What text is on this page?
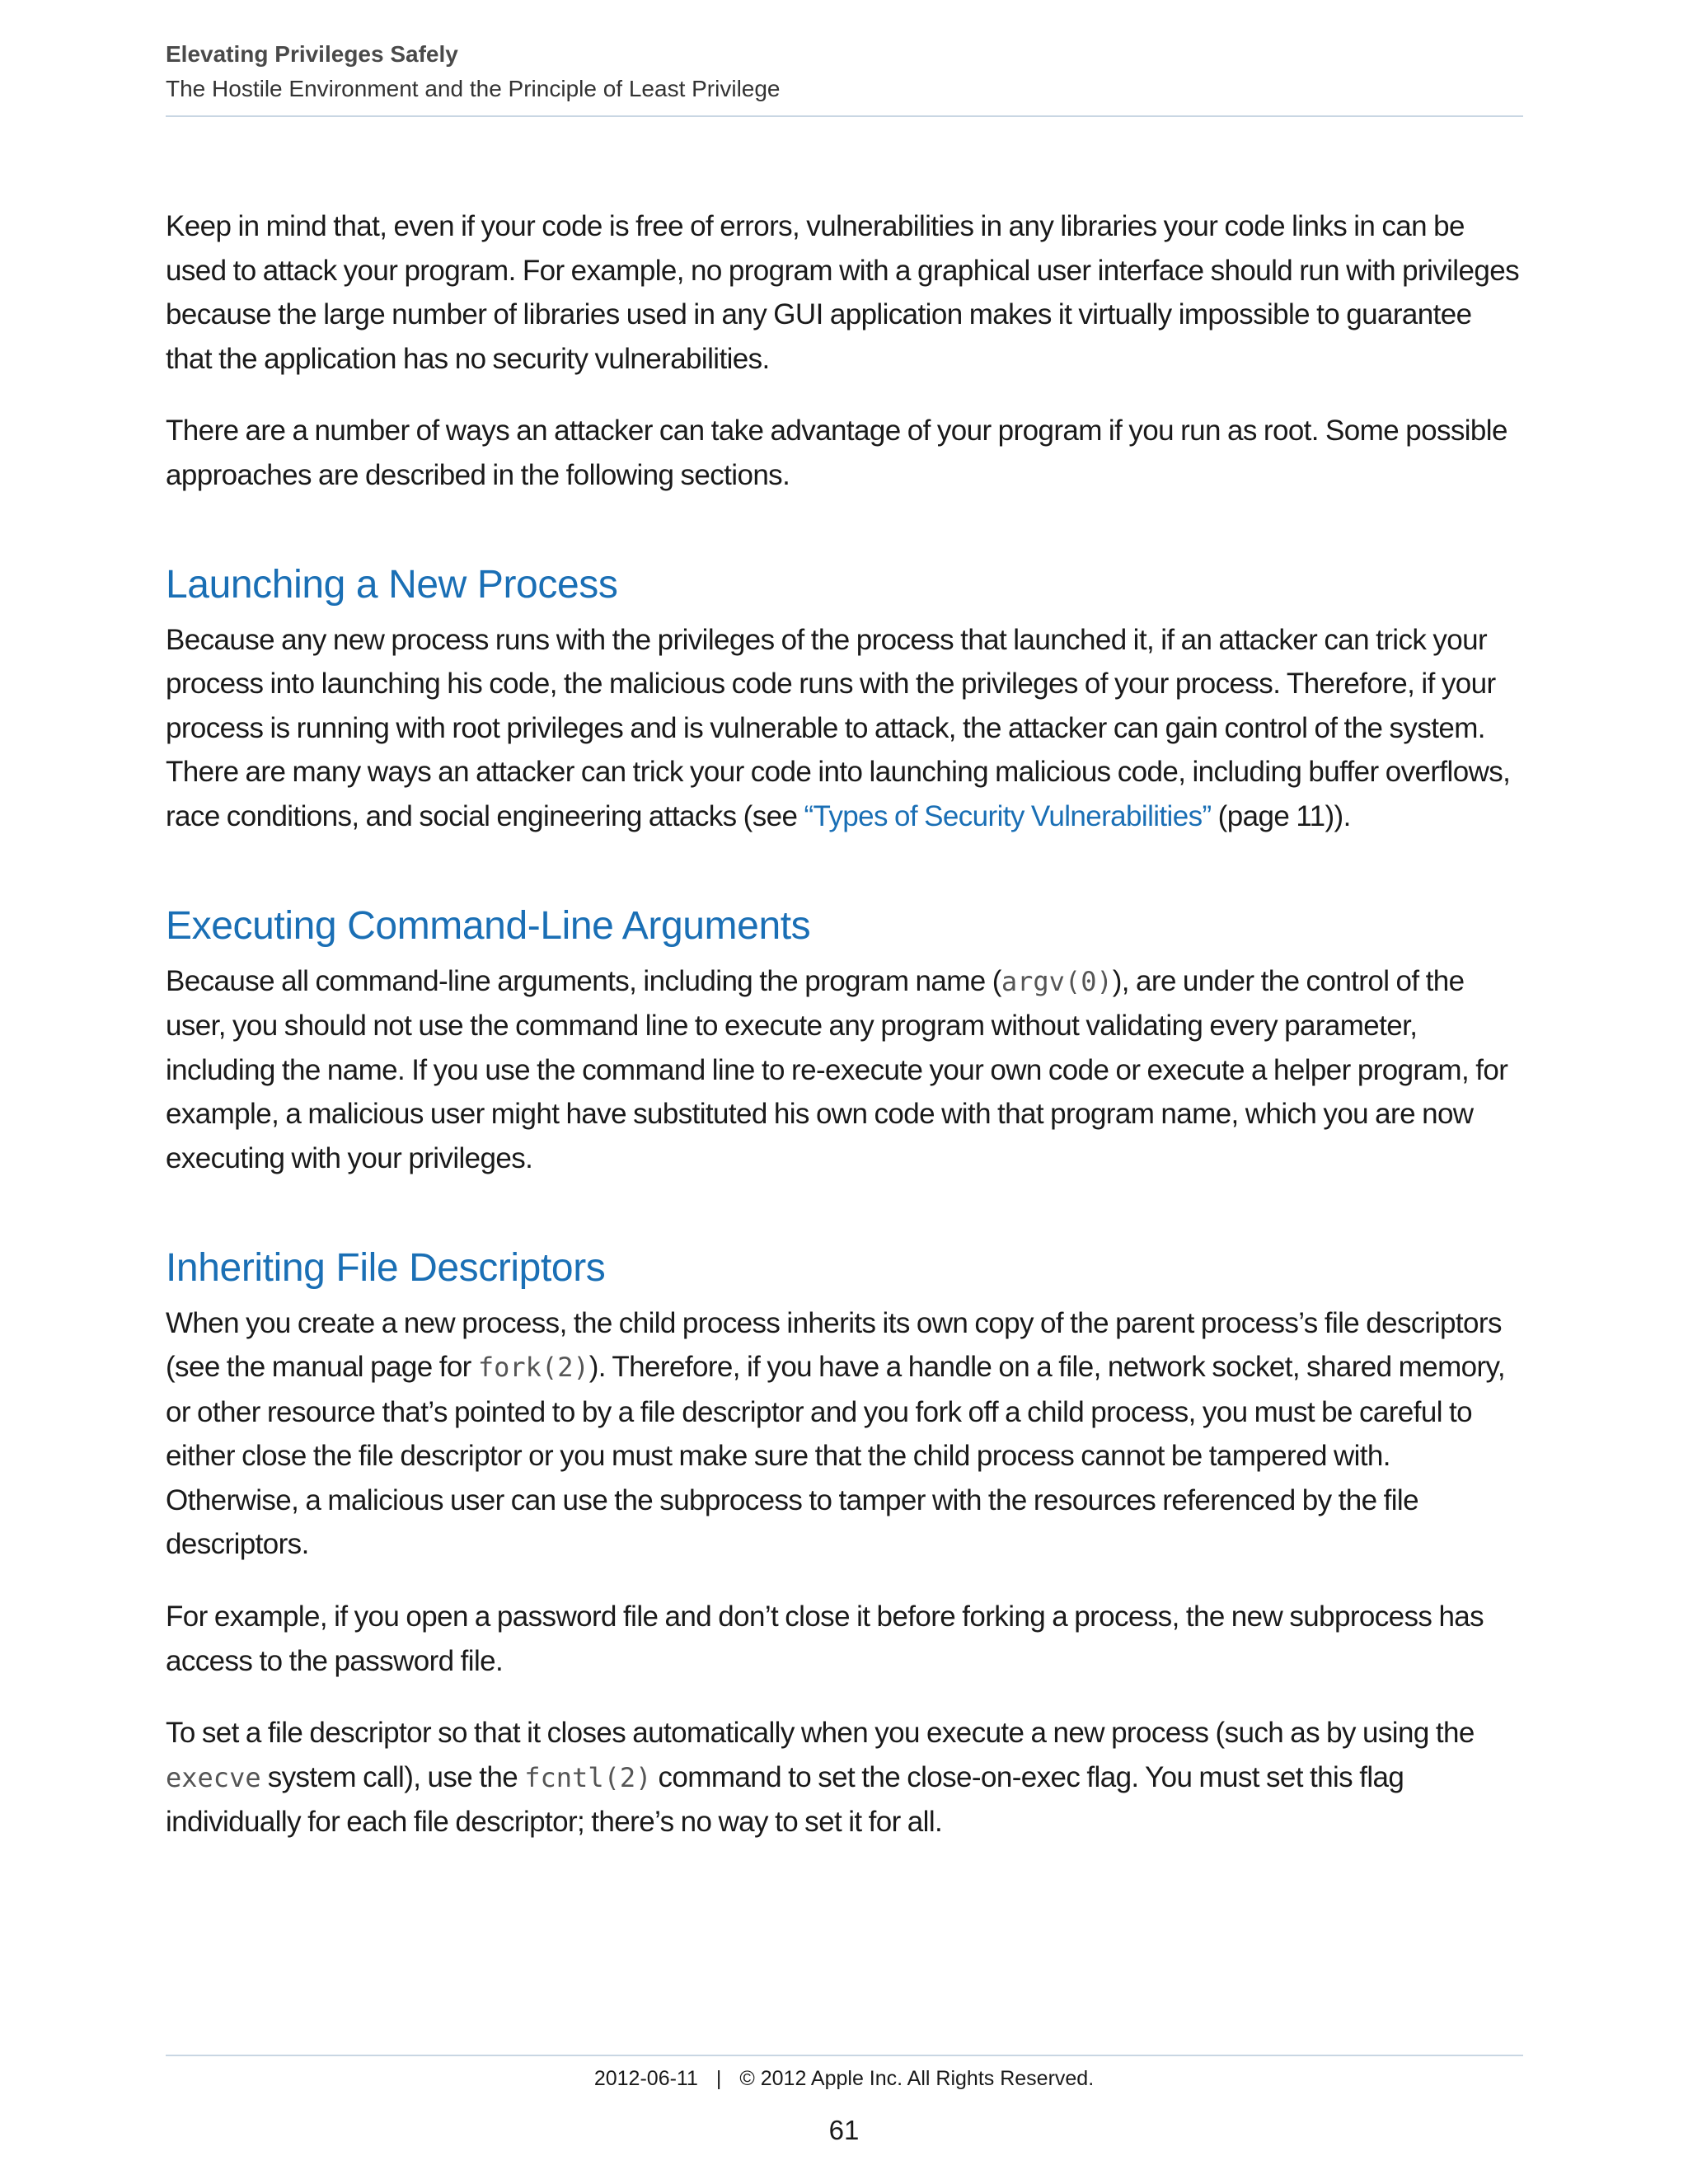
Elevating Privileges Safely
The Hostile Environment and the Principle of Least Privilege

Keep in mind that, even if your code is free of errors, vulnerabilities in any libraries your code links in can be used to attack your program. For example, no program with a graphical user interface should run with privileges because the large number of libraries used in any GUI application makes it virtually impossible to guarantee that the application has no security vulnerabilities.

There are a number of ways an attacker can take advantage of your program if you run as root. Some possible approaches are described in the following sections.

Launching a New Process

Because any new process runs with the privileges of the process that launched it, if an attacker can trick your process into launching his code, the malicious code runs with the privileges of your process. Therefore, if your process is running with root privileges and is vulnerable to attack, the attacker can gain control of the system. There are many ways an attacker can trick your code into launching malicious code, including buffer overflows, race conditions, and social engineering attacks (see “Types of Security Vulnerabilities” (page 11)).

Executing Command-Line Arguments

Because all command-line arguments, including the program name (argv(0)), are under the control of the user, you should not use the command line to execute any program without validating every parameter, including the name. If you use the command line to re-execute your own code or execute a helper program, for example, a malicious user might have substituted his own code with that program name, which you are now executing with your privileges.

Inheriting File Descriptors

When you create a new process, the child process inherits its own copy of the parent process’s file descriptors (see the manual page for fork(2)). Therefore, if you have a handle on a file, network socket, shared memory, or other resource that’s pointed to by a file descriptor and you fork off a child process, you must be careful to either close the file descriptor or you must make sure that the child process cannot be tampered with. Otherwise, a malicious user can use the subprocess to tamper with the resources referenced by the file descriptors.

For example, if you open a password file and don’t close it before forking a process, the new subprocess has access to the password file.

To set a file descriptor so that it closes automatically when you execute a new process (such as by using the execve system call), use the fcntl(2) command to set the close-on-exec flag. You must set this flag individually for each file descriptor; there’s no way to set it for all.

2012-06-11 | © 2012 Apple Inc. All Rights Reserved.
61
